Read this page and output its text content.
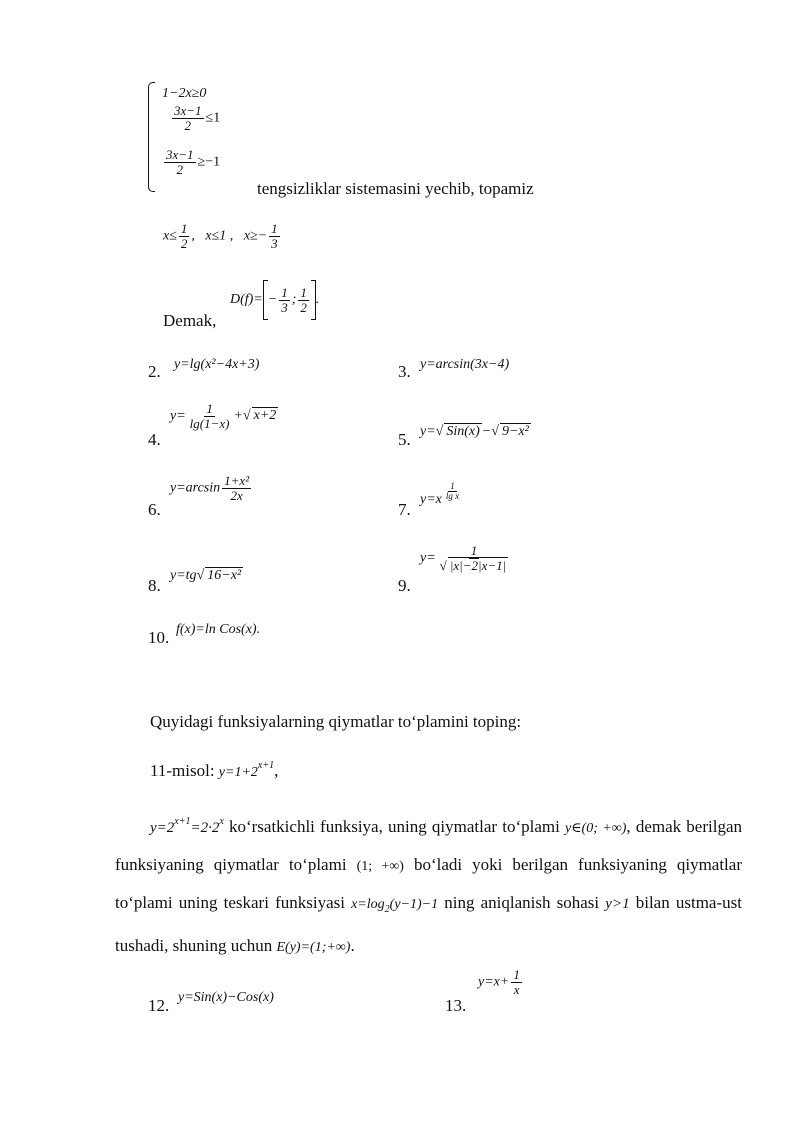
1−2x≥0
$\frac{3x-1}{2} \le 1$
$\frac{3x-1}{2} \ge-1$
tengsizliklar sistemasini yechib, topamiz
$x\le \frac{1}{2}$ , x≤1 , $x\ge- \frac{1}{3}$
Demak,
$D(f)= - \frac{1}{3}$ ; $\frac{1}{2}$ .
2. y=lg(x²−4x+3)	3. y=arcsin(3x−4)
4.
$y= \frac{1}{\lg(1-x)}$ +√ x+2
5. y=√ Sin(x) −√ 9−x²
6.
$y=\arcsin \frac{\text{1+x²}}{2x}$
7.
$y=x \frac{1}{\text{lg x}}$
8.
y=tg√ 16−x²
9.
$y= \frac{1}{√ |x|-2|x-1|}$
10. f(x)=ln Cos(x).
Quyidagi funksiyalarning qiymatlar to‘plamini toping:
11-misol: $y=1+2^{x+1}$,

$y=2^{x+1}=2\cdot 2^x$ ko‘rsatkichli funksiya, uning qiymatlar to‘plami y∈(0; +∞), demak berilgan funksiyaning qiymatlar to‘plami (1; +∞) bo‘ladi yoki berilgan funksiyaning qiymatlar to‘plami uning teskari funksiyasi $x=\log_2(y-1)-1$ ning aniqlanish sohasi y>1 bilan ustma-ust tushadi, shuning uchun E(y)=(1;+∞).

12. y=Sin(x)−Cos(x)	13.
$y=x+ \frac{1}{x}$
